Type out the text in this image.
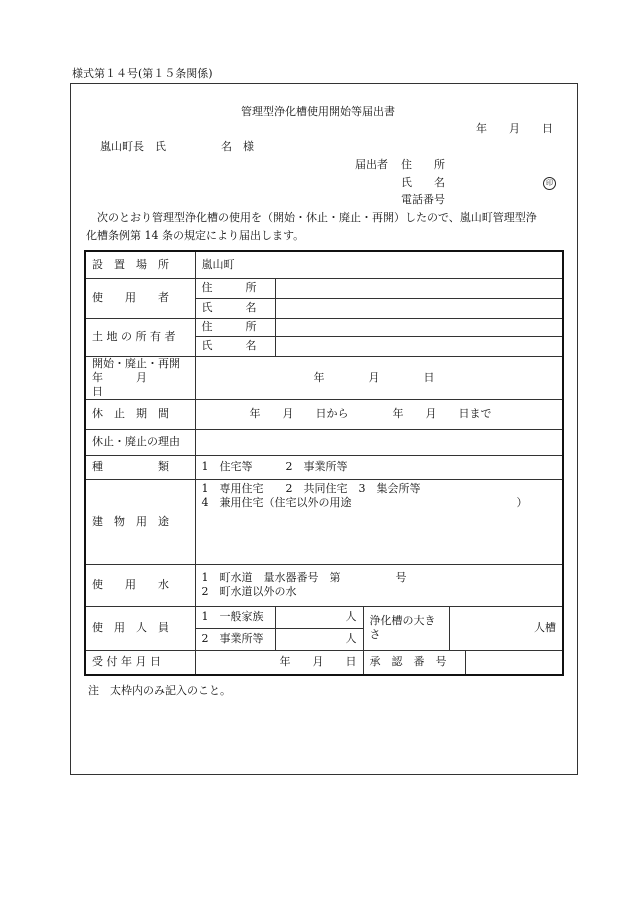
様式第１４号(第１５条関係)
管理型浄化槽使用開始等届出書
年　　月　　日
嵐山町長　氏　　　　　名　様
届出者 住　　所
氏　　名	印
電話番号
次のとおり管理型浄化槽の使用を（開始・休止・廃止・再開）したので、嵐山町管理型浄
化槽条例第 14 条の規定により届出します。
設　置　場　所	嵐山町				
使　　用　　者	住　　　所				
	氏　　　名				
土 地 の 所 有 者	住　　　所				
	氏　　　名				

開始・廃止・再開
年　　　月　　　日	年　　　　月　　　　日				
休　止　期　間	年　　月　　日から　　　　年　　月　　日まで				
休止・廃止の理由					
種　　　　　類	1　住宅等　　　2　事業所等				
建　物　用　途	1　専用住宅　　2　共同住宅　3　集会所等
4　兼用住宅（住宅以外の用途 ）				

使　　用　　水	1　町水道　量水器番号　第　　　　　号
2　町水道以外の水				

使　用　人　員	1　一般家族	人	浄化槽の大きさ	人槽	
	2　事業所等	人			
受 付 年 月 日	年　　月　　日		承　認　番　号		
注　太枠内のみ記入のこと。
